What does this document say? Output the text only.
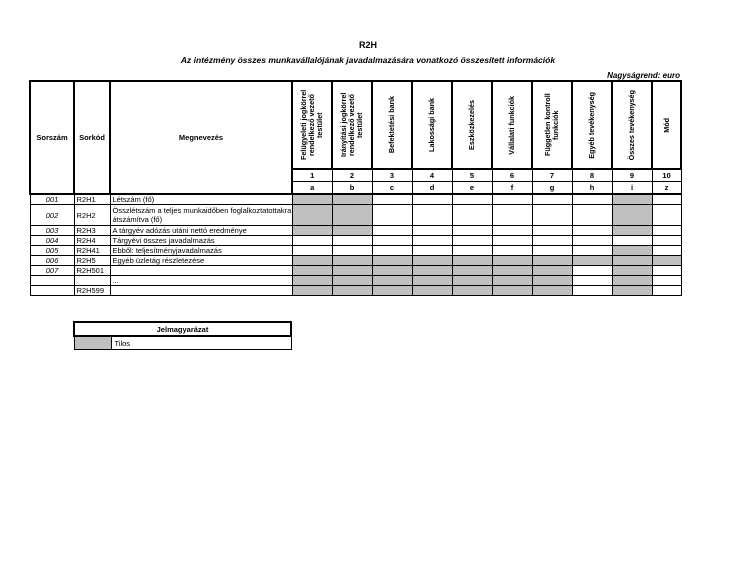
R2H
Az intézmény összes munkavállalójának javadalmazására vonatkozó összesített információk
Nagyságrend: euro
Sorszám	Sorkód	Megnevezés	Felügyeleti jogkörrel rendelkező vezető testület	Irányítási jogkörrel rendelkező vezető testület	Befektetési bank	Lakossági bank	Eszközkezelés	Vállalati funkciók	Független kontroll funkciók	Egyéb tevékenység	Összes tevékenység	Mód

			1	2	3	4	5	6	7	8	9	10
			a	b	c	d	e	f	g	h	i	z
001	R2H1	Létszám (fő)										
002	R2H2	Összlétszám a teljes munkaidőben foglalkoztatottakra átszámítva (fő)										
003	R2H3	A tárgyév adózás utáni nettó eredménye										
004	R2H4	Tárgyévi összes javadalmazás										
005	R2H41	Ebből: teljesítményjavadalmazás										
006	R2H5	Egyéb üzletág részletezése										
007	R2H501											
		...										
	R2H599											
Jelmagyarázat
	Tilos
